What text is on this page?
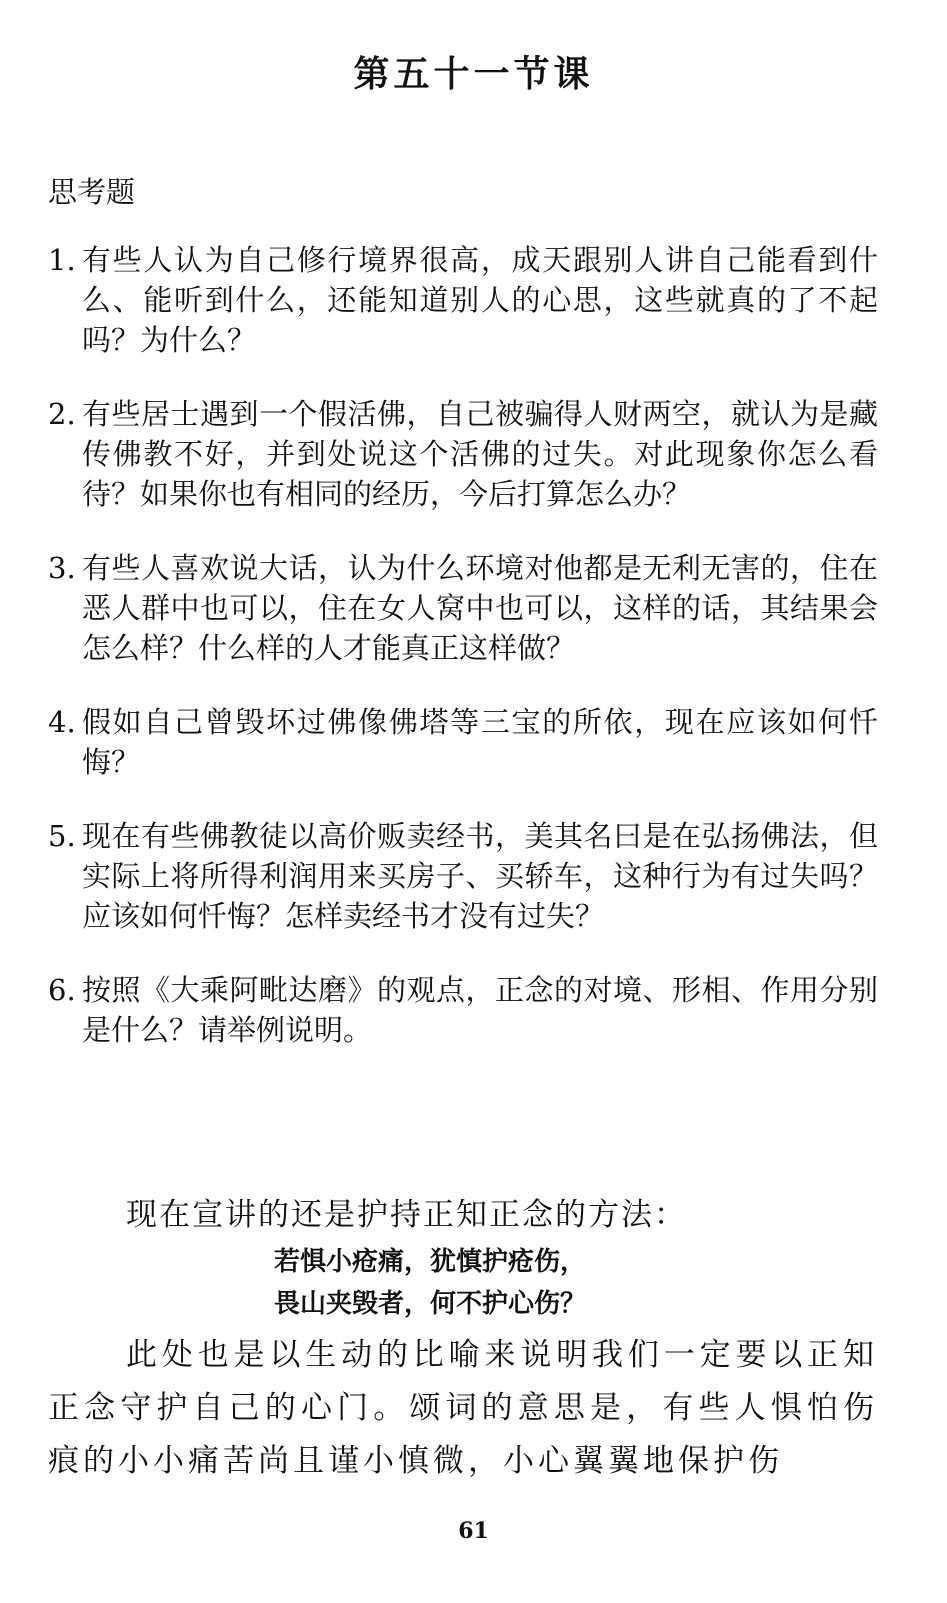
第五十一节课
思考题
1. 有些人认为自己修行境界很高，成天跟别人讲自己能看到什么、能听到什么，还能知道别人的心思，这些就真的了不起吗？为什么？
2. 有些居士遇到一个假活佛，自己被骗得人财两空，就认为是藏传佛教不好，并到处说这个活佛的过失。对此现象你怎么看待？如果你也有相同的经历，今后打算怎么办？
3. 有些人喜欢说大话，认为什么环境对他都是无利无害的，住在恶人群中也可以，住在女人窝中也可以，这样的话，其结果会怎么样？什么样的人才能真正这样做？
4. 假如自己曾毁坏过佛像佛塔等三宝的所依，现在应该如何忏悔？
5. 现在有些佛教徒以高价贩卖经书，美其名曰是在弘扬佛法，但实际上将所得利润用来买房子、买轿车，这种行为有过失吗？应该如何忏悔？怎样卖经书才没有过失？
6. 按照《大乘阿毗达磨》的观点，正念的对境、形相、作用分别是什么？请举例说明。

现在宣讲的还是护持正知正念的方法：

若惧小疮痛，犹慎护疮伤，
畏山夹毁者，何不护心伤？

此处也是以生动的比喻来说明我们一定要以正知正念守护自己的心门。颂词的意思是，有些人惧怕伤痕的小小痛苦尚且谨小慎微，小心翼翼地保护伤

61
